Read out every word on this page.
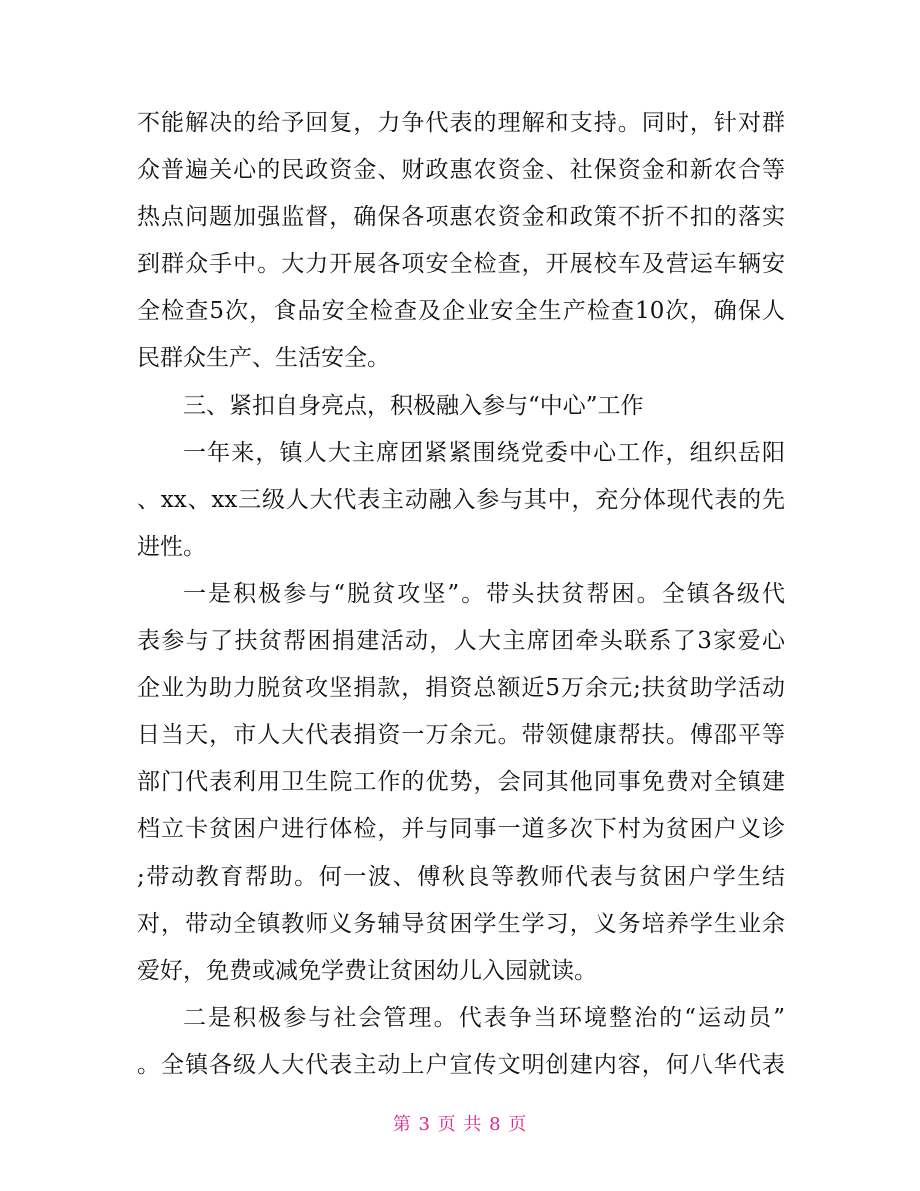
不能解决的给予回复，力争代表的理解和支持。同时，针对群
众普遍关心的民政资金、财政惠农资金、社保资金和新农合等
热点问题加强监督，确保各项惠农资金和政策不折不扣的落实
到群众手中。大力开展各项安全检查，开展校车及营运车辆安
全检查5次，食品安全检查及企业安全生产检查10次，确保人
民群众生产、生活安全。
三、紧扣自身亮点，积极融入参与“中心”工作
一年来，镇人大主席团紧紧围绕党委中心工作，组织岳阳
、xx、xx三级人大代表主动融入参与其中，充分体现代表的先
进性。
一是积极参与“脱贫攻坚”。带头扶贫帮困。全镇各级代
表参与了扶贫帮困捐建活动，人大主席团牵头联系了3家爱心
企业为助力脱贫攻坚捐款，捐资总额近5万余元;扶贫助学活动
日当天，市人大代表捐资一万余元。带领健康帮扶。傅邵平等
部门代表利用卫生院工作的优势，会同其他同事免费对全镇建
档立卡贫困户进行体检，并与同事一道多次下村为贫困户义诊
;带动教育帮助。何一波、傅秋良等教师代表与贫困户学生结
对，带动全镇教师义务辅导贫困学生学习，义务培养学生业余
爱好，免费或减免学费让贫困幼儿入园就读。
二是积极参与社会管理。代表争当环境整治的“运动员”
。全镇各级人大代表主动上户宣传文明创建内容，何八华代表
第 3 页 共 8 页
